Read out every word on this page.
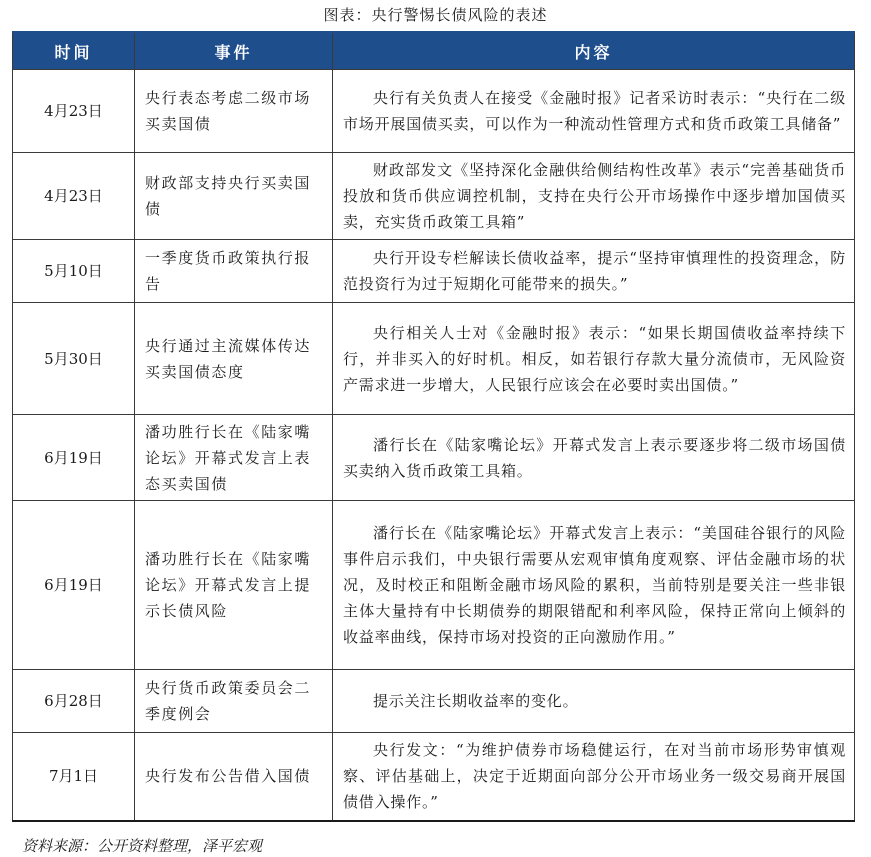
图表：央行警惕长债风险的表述
时间	事件	内容
4月23日	央行表态考虑二级市场买卖国债	央行有关负责人在接受《金融时报》记者采访时表示：“央行在二级市场开展国债买卖，可以作为一种流动性管理方式和货币政策工具储备”
4月23日	财政部支持央行买卖国债	财政部发文《坚持深化金融供给侧结构性改革》表示“完善基础货币投放和货币供应调控机制，支持在央行公开市场操作中逐步增加国债买卖，充实货币政策工具箱”
5月10日	一季度货币政策执行报告	央行开设专栏解读长债收益率，提示“坚持审慎理性的投资理念，防范投资行为过于短期化可能带来的损失。”
5月30日	央行通过主流媒体传达买卖国债态度	央行相关人士对《金融时报》表示：“如果长期国债收益率持续下行，并非买入的好时机。相反，如若银行存款大量分流债市，无风险资产需求进一步增大，人民银行应该会在必要时卖出国债。”
6月19日	潘功胜行长在《陆家嘴论坛》开幕式发言上表态买卖国债	潘行长在《陆家嘴论坛》开幕式发言上表示要逐步将二级市场国债买卖纳入货币政策工具箱。
6月19日	潘功胜行长在《陆家嘴论坛》开幕式发言上提示长债风险	潘行长在《陆家嘴论坛》开幕式发言上表示：“美国硅谷银行的风险事件启示我们，中央银行需要从宏观审慎角度观察、评估金融市场的状况，及时校正和阻断金融市场风险的累积，当前特别是要关注一些非银主体大量持有中长期债券的期限错配和利率风险，保持正常向上倾斜的收益率曲线，保持市场对投资的正向激励作用。”
6月28日	央行货币政策委员会二季度例会	提示关注长期收益率的变化。
7月1日	央行发布公告借入国债	央行发文：“为维护债券市场稳健运行，在对当前市场形势审慎观察、评估基础上，决定于近期面向部分公开市场业务一级交易商开展国债借入操作。”
资料来源：公开资料整理，泽平宏观
